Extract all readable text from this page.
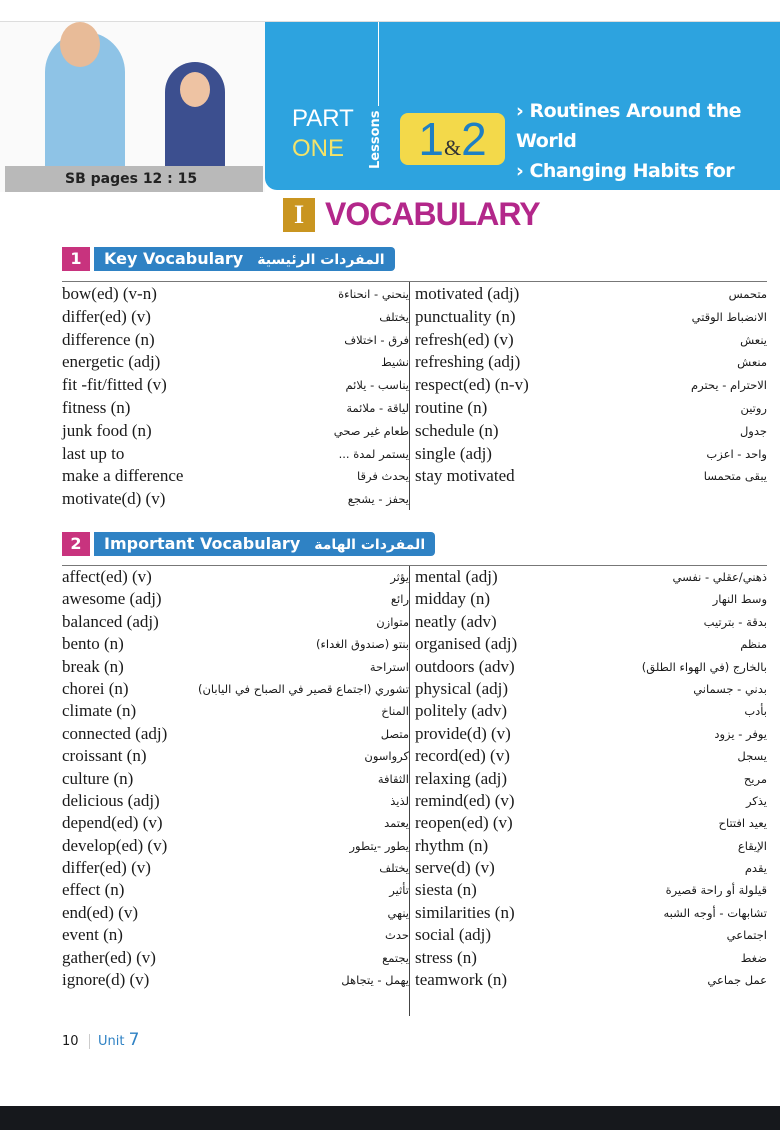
SB pages 12 : 15
PART
ONE	Lessons 1&2
› Routines Around the World
› Changing Habits for
a Healthier Life
I VOCABULARY
1	Key Vocabulary المفردات الرئيسية
bow(ed) (v-n)	ينحني - انحناءة motivated (adj)	متحمس
differ(ed) (v)	يختلف punctuality (n)	الانضباط الوقتي
difference (n)	فرق - اختلاف refresh(ed) (v)	ينعش
energetic (adj)	نشيط refreshing (adj)	منعش
fit -fit/fitted (v)	يناسب - يلائم respect(ed) (n-v)	الاحترام - يحترم
fitness (n)	لياقة - ملائمة routine (n)	روتين
junk food (n)	طعام غير صحي schedule (n)	جدول
last up to	يستمر لمدة ... single (adj)	واحد - اعزب
make a difference	يحدث فرقا stay motivated	يبقى متحمسا
motivate(d) (v)	يحفز - يشجع
2	Important Vocabulary المفردات الهامة
affect(ed) (v)	يؤثر mental (adj)	ذهني/عقلي - نفسي
awesome (adj)	رائع midday (n)	وسط النهار
balanced (adj)	متوازن neatly (adv)	بدقة - بترتيب
bento (n)	بنتو (صندوق الغداء) organised (adj)	منظم
break (n)	استراحة outdoors (adv)	بالخارج (في الهواء الطلق)
chorei (n)	تشوري (اجتماع قصير في الصباح في اليابان) physical (adj)	بدني - جسماني
climate (n)	المناخ politely (adv)	بأدب
connected (adj)	متصل provide(d) (v)	يوفر - يزود
croissant (n)	كرواسون record(ed) (v)	يسجل
culture (n)	الثقافة relaxing (adj)	مريح
delicious (adj)	لذيذ remind(ed) (v)	يذكر
depend(ed) (v)	يعتمد reopen(ed) (v)	يعيد افتتاح
develop(ed) (v)	يطور -يتطور rhythm (n)	الإيقاع
differ(ed) (v)	يختلف serve(d) (v)	يقدم
effect (n)	تأثير siesta (n)	قيلولة أو راحة قصيرة
end(ed) (v)	ينهي similarities (n)	تشابهات - أوجه الشبه
event (n)	حدث social (adj)	اجتماعي
gather(ed) (v)	يجتمع stress (n)	ضغط
ignore(d) (v)	يهمل - يتجاهل teamwork (n)	عمل جماعي
10 Unit 7
